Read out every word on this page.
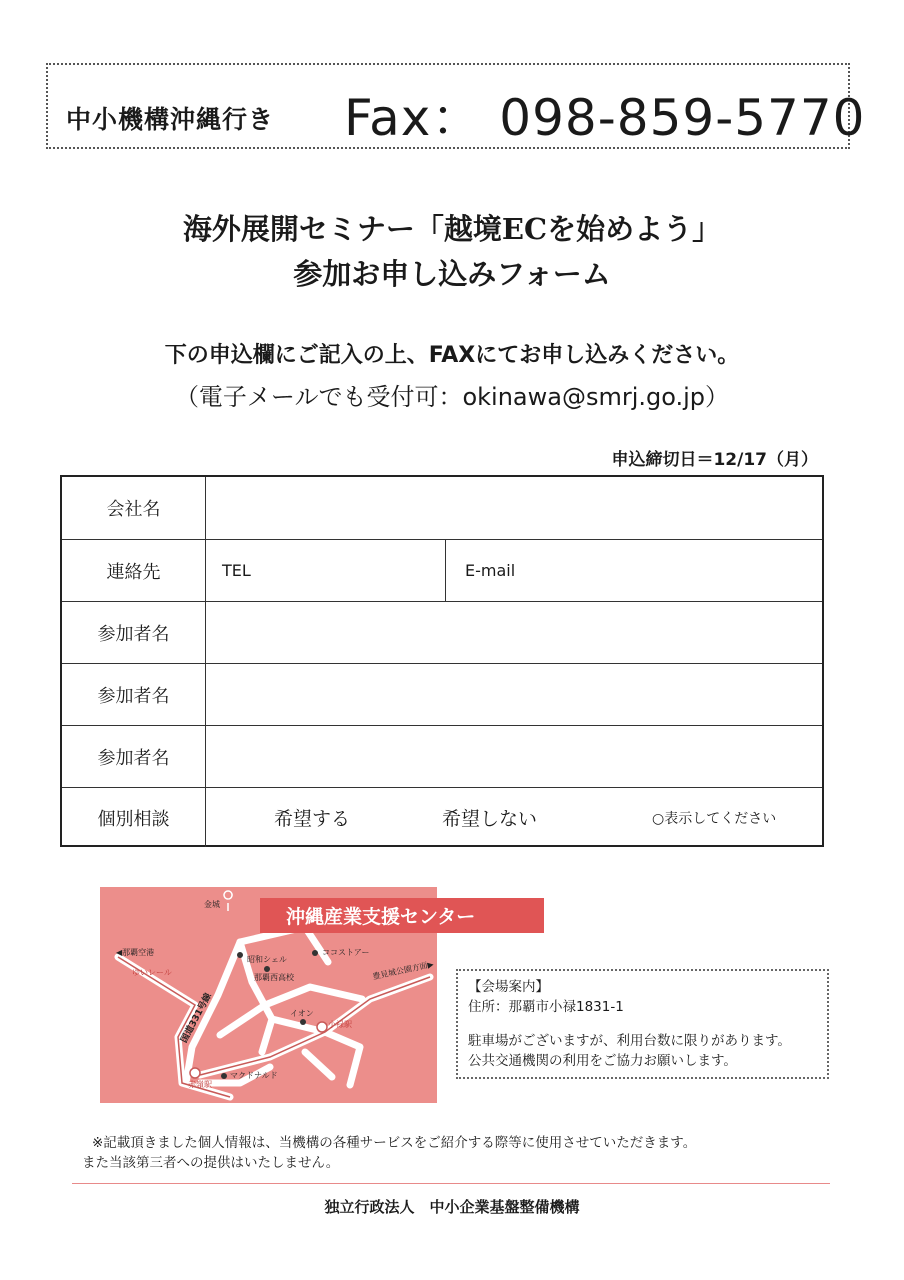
中小機構沖縄行き Fax： 098-859-5770
海外展開セミナー「越境ECを始めよう」
参加お申し込みフォーム
下の申込欄にご記入の上、FAXにてお申し込みください。
（電子メールでも受付可：okinawa@smrj.go.jp）
申込締切日＝12/17（月）
会社名
連絡先	TEL	E-mail
参加者名
参加者名
参加者名
個別相談	希望する	希望しない	○表示してください
金城
◀那覇空港
ゆいレール
国道331号線
昭和シェル
那覇西高校
ココストアー
豊見城公園方面▶
イオン
小禄駅
赤嶺駅
マクドナルド
沖縄産業支援センター
【会場案内】
住所：那覇市小禄1831-1
駐車場がございますが、利用台数に限りがあります。
公共交通機関の利用をご協力お願いします。
※記載頂きました個人情報は、当機構の各種サービスをご紹介する際等に使用させていただきます。
また当該第三者への提供はいたしません。
独立行政法人　中小企業基盤整備機構
